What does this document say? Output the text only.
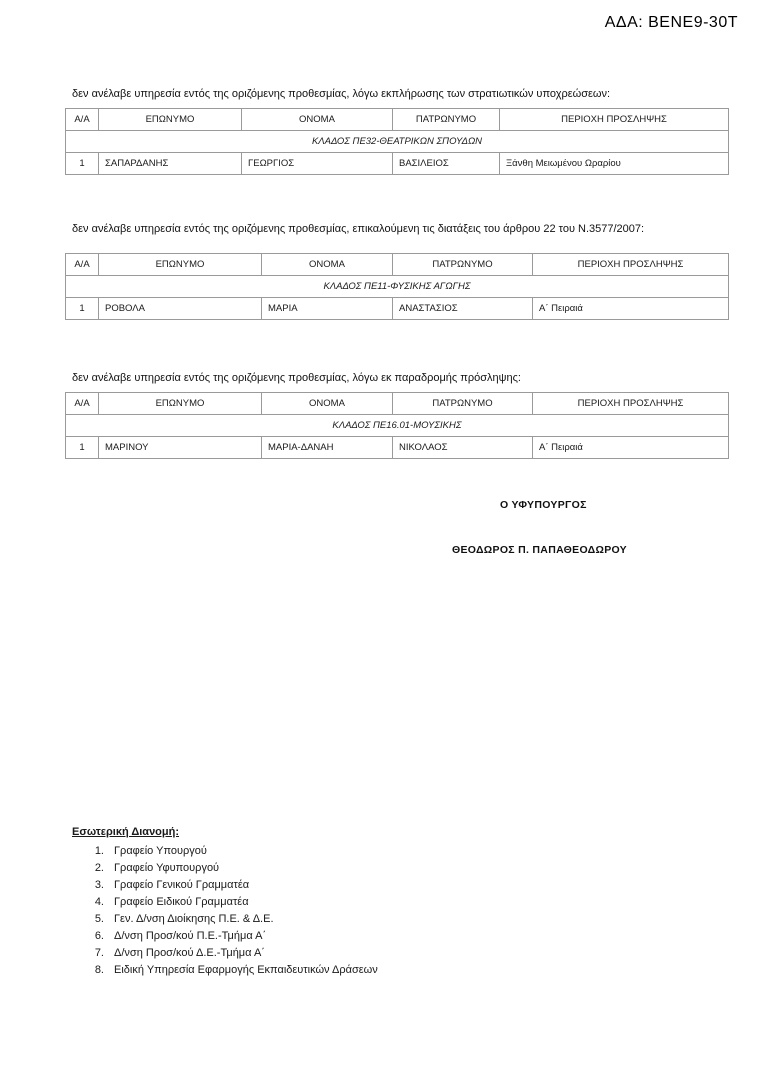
ΑΔΑ: ΒΕΝΕ9-30Τ
δεν ανέλαβε υπηρεσία εντός της οριζόμενης προθεσμίας, λόγω εκπλήρωσης των στρατιωτικών υποχρεώσεων:
Α/Α	ΕΠΩΝΥΜΟ	ΟΝΟΜΑ	ΠΑΤΡΩΝΥΜΟ	ΠΕΡΙΟΧΗ ΠΡΟΣΛΗΨΗΣ
ΚΛΑΔΟΣ ΠΕ32-ΘΕΑΤΡΙΚΩΝ ΣΠΟΥΔΩΝ				
1	ΣΑΠΑΡΔΑΝΗΣ	ΓΕΩΡΓΙΟΣ	ΒΑΣΙΛΕΙΟΣ	Ξάνθη Μειωμένου Ωραρίου
δεν ανέλαβε υπηρεσία εντός της οριζόμενης προθεσμίας, επικαλούμενη τις διατάξεις του άρθρου 22 του Ν.3577/2007:
Α/Α	ΕΠΩΝΥΜΟ	ΟΝΟΜΑ	ΠΑΤΡΩΝΥΜΟ	ΠΕΡΙΟΧΗ ΠΡΟΣΛΗΨΗΣ
ΚΛΑΔΟΣ ΠΕ11-ΦΥΣΙΚΗΣ ΑΓΩΓΗΣ				
1	ΡΟΒΟΛΑ	ΜΑΡΙΑ	ΑΝΑΣΤΑΣΙΟΣ	Α΄ Πειραιά
δεν ανέλαβε υπηρεσία εντός της οριζόμενης προθεσμίας, λόγω εκ παραδρομής πρόσληψης:
Α/Α	ΕΠΩΝΥΜΟ	ΟΝΟΜΑ	ΠΑΤΡΩΝΥΜΟ	ΠΕΡΙΟΧΗ ΠΡΟΣΛΗΨΗΣ
ΚΛΑΔΟΣ ΠΕ16.01-ΜΟΥΣΙΚΗΣ				
1	ΜΑΡΙΝΟΥ	ΜΑΡΙΑ-ΔΑΝΑΗ	ΝΙΚΟΛΑΟΣ	Α΄ Πειραιά
Ο ΥΦΥΠΟΥΡΓΟΣ
ΘΕΟΔΩΡΟΣ Π. ΠΑΠΑΘΕΟΔΩΡΟΥ
Εσωτερική Διανομή:
1. Γραφείο Υπουργού
2. Γραφείο Υφυπουργού
3. Γραφείο Γενικού Γραμματέα
4. Γραφείο Ειδικού Γραμματέα
5. Γεν. Δ/νση Διοίκησης Π.Ε. & Δ.Ε.
6. Δ/νση Προσ/κού Π.Ε.-Τμήμα Α΄
7. Δ/νση Προσ/κού Δ.Ε.-Τμήμα Α΄
8. Ειδική Υπηρεσία Εφαρμογής Εκπαιδευτικών Δράσεων
